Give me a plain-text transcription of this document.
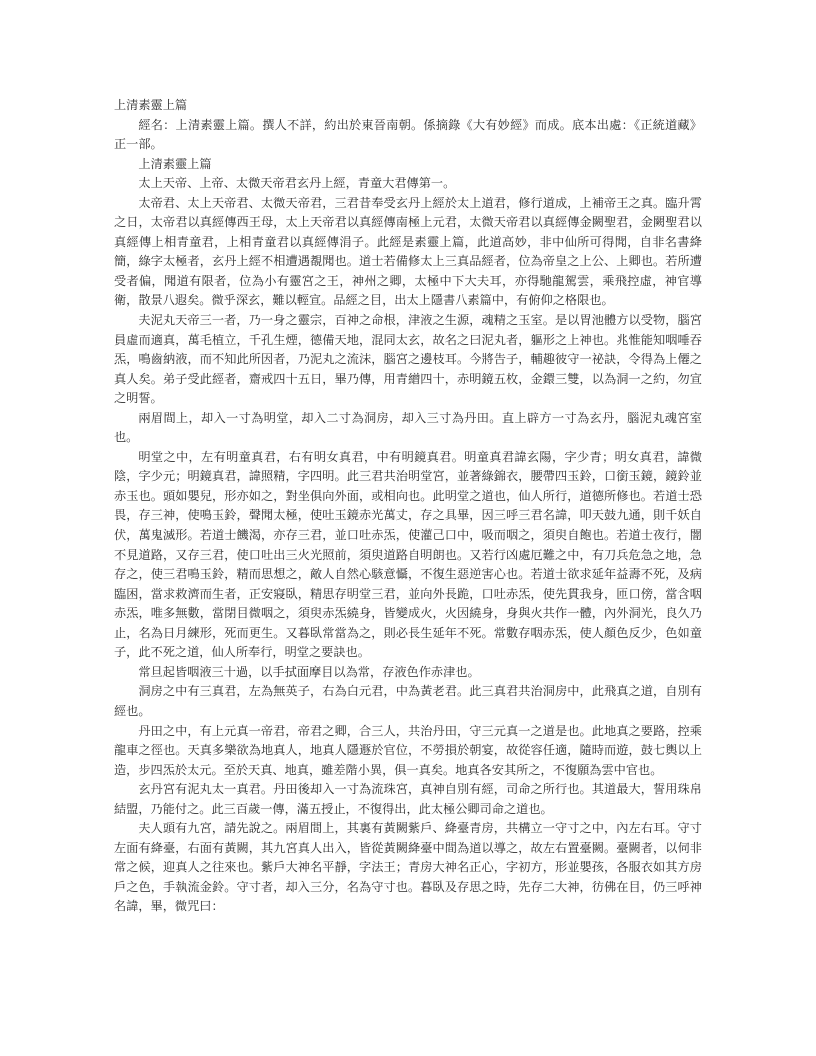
上清素靈上篇

經名：上清素靈上篇。撰人不詳，約出於東晉南朝。係摘錄《大有妙經》而成。底本出處：《正統道藏》正一部。

上清素靈上篇

太上天帝、上帝、太微天帝君玄丹上經，青童大君傳第一。

太帝君、太上天帝君、太微天帝君，三君昔奉受玄丹上經於太上道君，修行道成，上補帝王之真。臨升霄之日，太帝君以真經傳西王母，太上天帝君以真經傳南極上元君，太微天帝君以真經傳金闕聖君，金闕聖君以真經傳上相青童君，上相青童君以真經傳涓子。此經是素靈上篇，此道高妙，非中仙所可得聞，自非名書絳簡，綠字太極者，玄丹上經不相遭遇覩聞也。道士若備修太上三真品經者，位為帝皇之上公、上卿也。若所遭受者偏，聞道有限者，位為小有靈宮之王，神州之卿，太極中下大夫耳，亦得馳龍駕雲，乘飛控虛，神官導衛，散景八遐矣。微乎深玄，難以輕宣。品經之目，出太上隱書八素篇中，有俯仰之格限也。

夫泥丸天帝三一者，乃一身之靈宗，百神之命根，津液之生源，魂精之玉室。是以胃池體方以受物，腦宮員虛而適真，萬毛植立，千孔生煙，德備天地，混同太玄，故名之曰泥丸者，軀形之上神也。兆惟能知咽唾吞炁，鳴齒納液，而不知此所因者，乃泥丸之流沫，腦宮之邊枝耳。今將告子，輔趣彼守一祕訣，令得為上僊之真人矣。弟子受此經者，齋戒四十五日，畢乃傳，用青繒四十，赤明鏡五枚，金鐶三雙，以為洞一之約，勿宣之明誓。

兩眉間上，却入一寸為明堂，却入二寸為洞房，却入三寸為丹田。直上辟方一寸為玄丹，腦泥丸魂宮室也。

明堂之中，左有明童真君，右有明女真君，中有明鏡真君。明童真君諱玄陽，字少青；明女真君，諱微陰，字少元；明鏡真君，諱照精，字四明。此三君共治明堂宮，並著綠錦衣，腰帶四玉鈴，口銜玉鏡，鏡鈴並赤玉也。頭如嬰兒，形亦如之，對坐俱向外面，或相向也。此明堂之道也，仙人所行，道德所修也。若道士恐畏，存三神，使鳴玉鈴，聲聞太極，使吐玉鏡赤光萬丈，存之具畢，因三呼三君名諱，叩天鼓九通，則千妖自伏，萬鬼滅形。若道士饑渴，亦存三君，並口吐赤炁，使灌己口中，吸而咽之，須臾自飽也。若道士夜行，闇不見道路，又存三君，使口吐出三火光照前，須臾道路自明朗也。又若行凶處厄難之中，有刀兵危急之地，急存之，使三君鳴玉鈴，精而思想之，敵人自然心駭意懾，不復生惡逆害心也。若道士欲求延年益壽不死，及病臨困，當求救濟而生者，正安寢臥，精思存明堂三君，並向外長跪，口吐赤炁，使先貫我身，匝口傍，當含咽赤炁，唯多無數，當閉目微咽之，須臾赤炁繞身，皆變成火，火因繞身，身與火共作一體，內外洞光，良久乃止，名為日月練形，死而更生。又暮臥常當為之，則必長生延年不死。常數存咽赤炁，使人顏色反少，色如童子，此不死之道，仙人所奉行，明堂之要訣也。

常旦起皆咽液三十過，以手拭面摩目以為常，存液色作赤津也。

洞房之中有三真君，左為無英子，右為白元君，中為黃老君。此三真君共治洞房中，此飛真之道，自別有經也。

丹田之中，有上元真一帝君，帝君之卿，合三人，共治丹田，守三元真一之道是也。此地真之要路，控乘龍車之徑也。天真多樂欲為地真人，地真人隱遯於官位，不勞損於朝宴，故從容任適，隨時而遊，鼓七輿以上造，步四炁於太元。至於天真、地真，雖差階小異，俱一真矣。地真各安其所之，不復願為雲中官也。

玄丹宮有泥丸太一真君。丹田後却入一寸為流珠宮，真神自別有經，司命之所行也。其道最大，誓用珠帛結盟，乃能付之。此三百歲一傳，滿五授止，不復得出，此太極公卿司命之道也。

夫人頭有九宮，請先說之。兩眉間上，其裏有黃闕紫戶、絳臺青房，共構立一守寸之中，內左右耳。守寸左面有絳臺，右面有黃闕，其九宮真人出入，皆從黃闕絳臺中間為道以導之，故左右置臺闕。臺闕者，以伺非常之候，迎真人之往來也。紫戶大神名平靜，字法王；青房大神名正心，字初方，形並嬰孩，各服衣如其方房戶之色，手執流金鈴。守寸者，却入三分，名為守寸也。暮臥及存思之時，先存二大神，彷佛在目，仍三呼神名諱，畢，微咒曰：
